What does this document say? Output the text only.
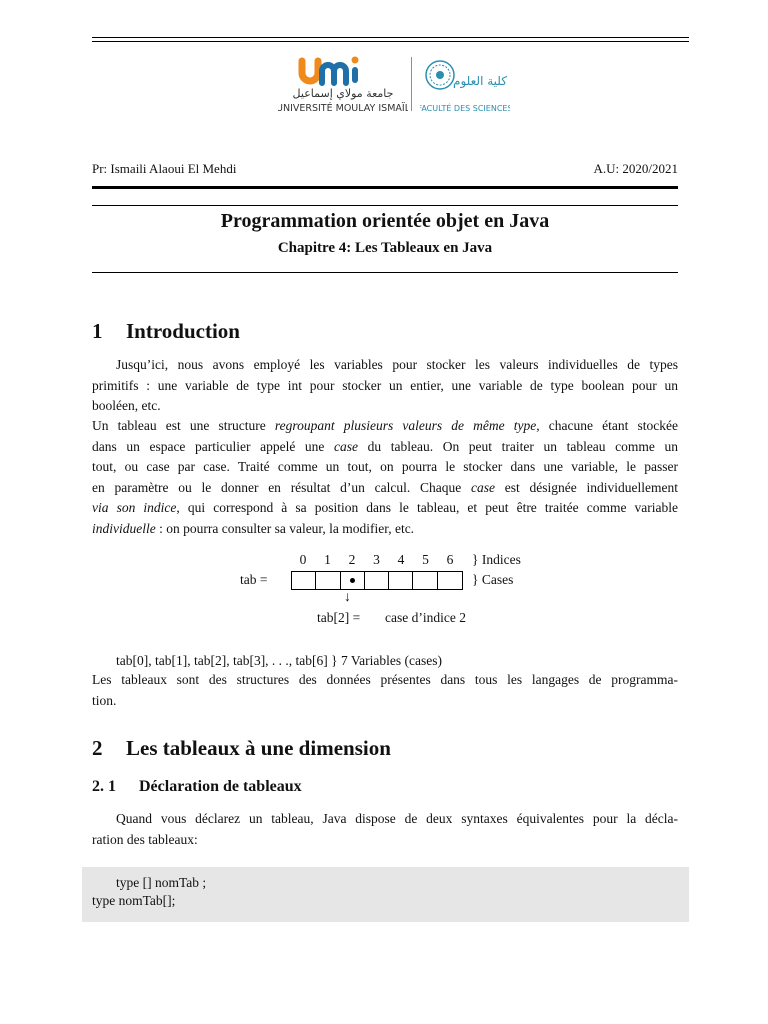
جامعة مولاي إسماعيل
UNIVERSITÉ MOULAY ISMAÏL
كلية العلوم
FACULTÉ DES SCIENCES
Pr: Ismaili Alaoui El Mehdi	A.U: 2020/2021
Programmation orientée objet en Java
Chapitre 4: Les Tableaux en Java
1 Introduction
Jusqu’ici, nous avons employé les variables pour stocker les valeurs individuelles de types
primitifs : une variable de type int pour stocker un entier, une variable de type boolean pour un
booléen, etc.
Un tableau est une structure regroupant plusieurs valeurs de même type, chacune étant stockée
dans un espace particulier appelé une case du tableau. On peut traiter un tableau comme un
tout, ou case par case. Traité comme un tout, on pourra le stocker dans une variable, le passer
en paramètre ou le donner en résultat d’un calcul. Chaque case est désignée individuellement
via son indice, qui correspond à sa position dans le tableau, et peut être traitée comme variable
individuelle : on pourra consulter sa valeur, la modifier, etc.
0	1	2	3	4	5	6	} Indices
tab =	} Cases
↓
tab[2] = case d’indice 2
tab[0], tab[1], tab[2], tab[3], . . ., tab[6] } 7 Variables (cases)
Les tableaux sont des structures des données présentes dans tous les langages de programma-
tion.
2 Les tableaux à une dimension
2. 1 Déclaration de tableaux
Quand vous déclarez un tableau, Java dispose de deux syntaxes équivalentes pour la décla-
ration des tableaux:
type [] nomTab ;
type nomTab[];
